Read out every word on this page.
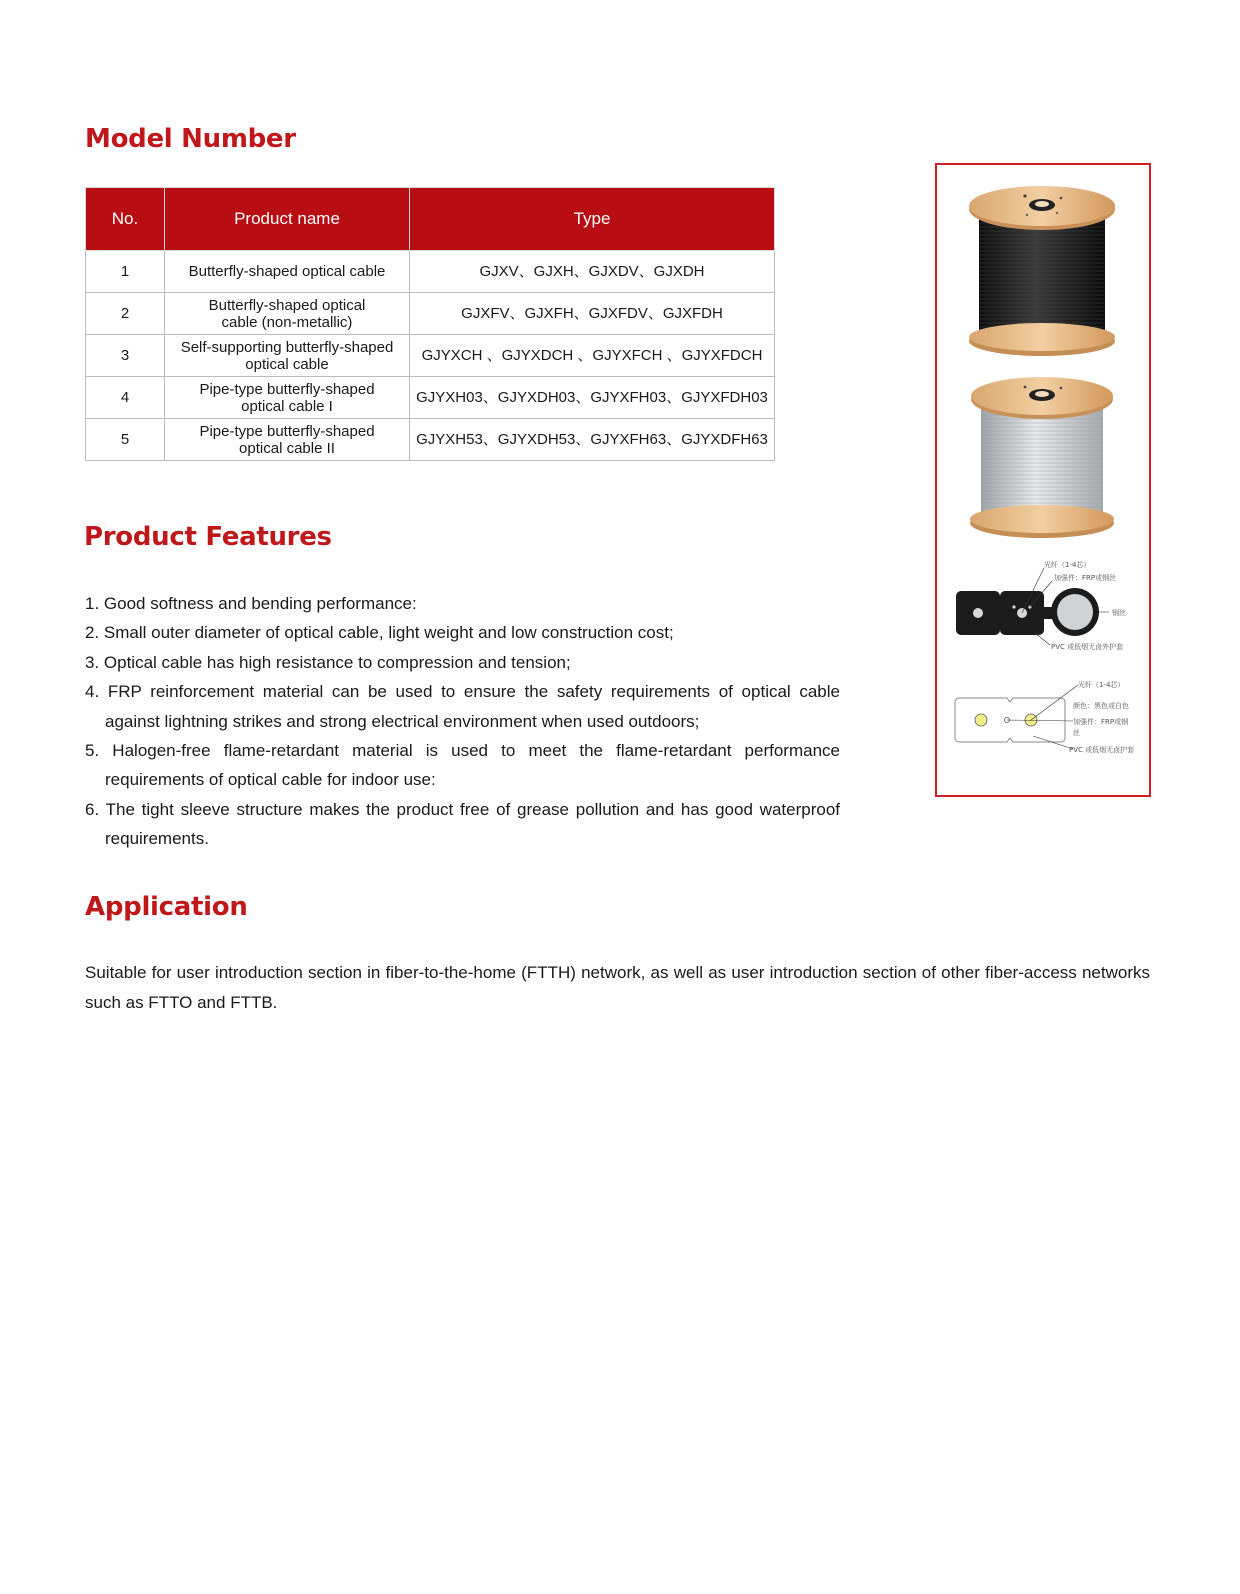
Model Number
No.	Product name	Type
1	Butterfly-shaped optical cable	GJXV、GJXH、GJXDV、GJXDH
2	Butterfly-shaped optical
cable (non-metallic)	GJXFV、GJXFH、GJXFDV、GJXFDH
3	Self-supporting butterfly-shaped
optical cable	GJYXCH 、GJYXDCH 、GJYXFCH 、GJYXFDCH
4	Pipe-type butterfly-shaped
optical cable I	GJYXH03、GJYXDH03、GJYXFH03、GJYXFDH03
5	Pipe-type butterfly-shaped
optical cable II	GJYXH53、GJYXDH53、GJYXFH63、GJYXDFH63
Product Features
1. Good softness and bending performance:
2. Small outer diameter of optical cable, light weight and low construction cost;
3. Optical cable has high resistance to compression and tension;
4. FRP reinforcement material can be used to ensure the safety requirements of optical cable against lightning strikes and strong electrical environment when used outdoors;
5. Halogen-free flame-retardant material is used to meet the flame-retardant performance requirements of optical cable for indoor use:
6. The tight sleeve structure makes the product free of grease pollution and has good waterproof requirements.
Application

Suitable for user introduction section in fiber-to-the-home (FTTH) network, as well as user introduction section of other fiber-access networks such as FTTO and FTTB.

光纤（1-4芯）
加强件：FRP或钢丝
钢丝
PVC 或低烟无卤外护套
光纤（1-4芯）
颜色：黑色或白色
加强件：FRP或钢
丝
PVC 或低烟无卤护套
